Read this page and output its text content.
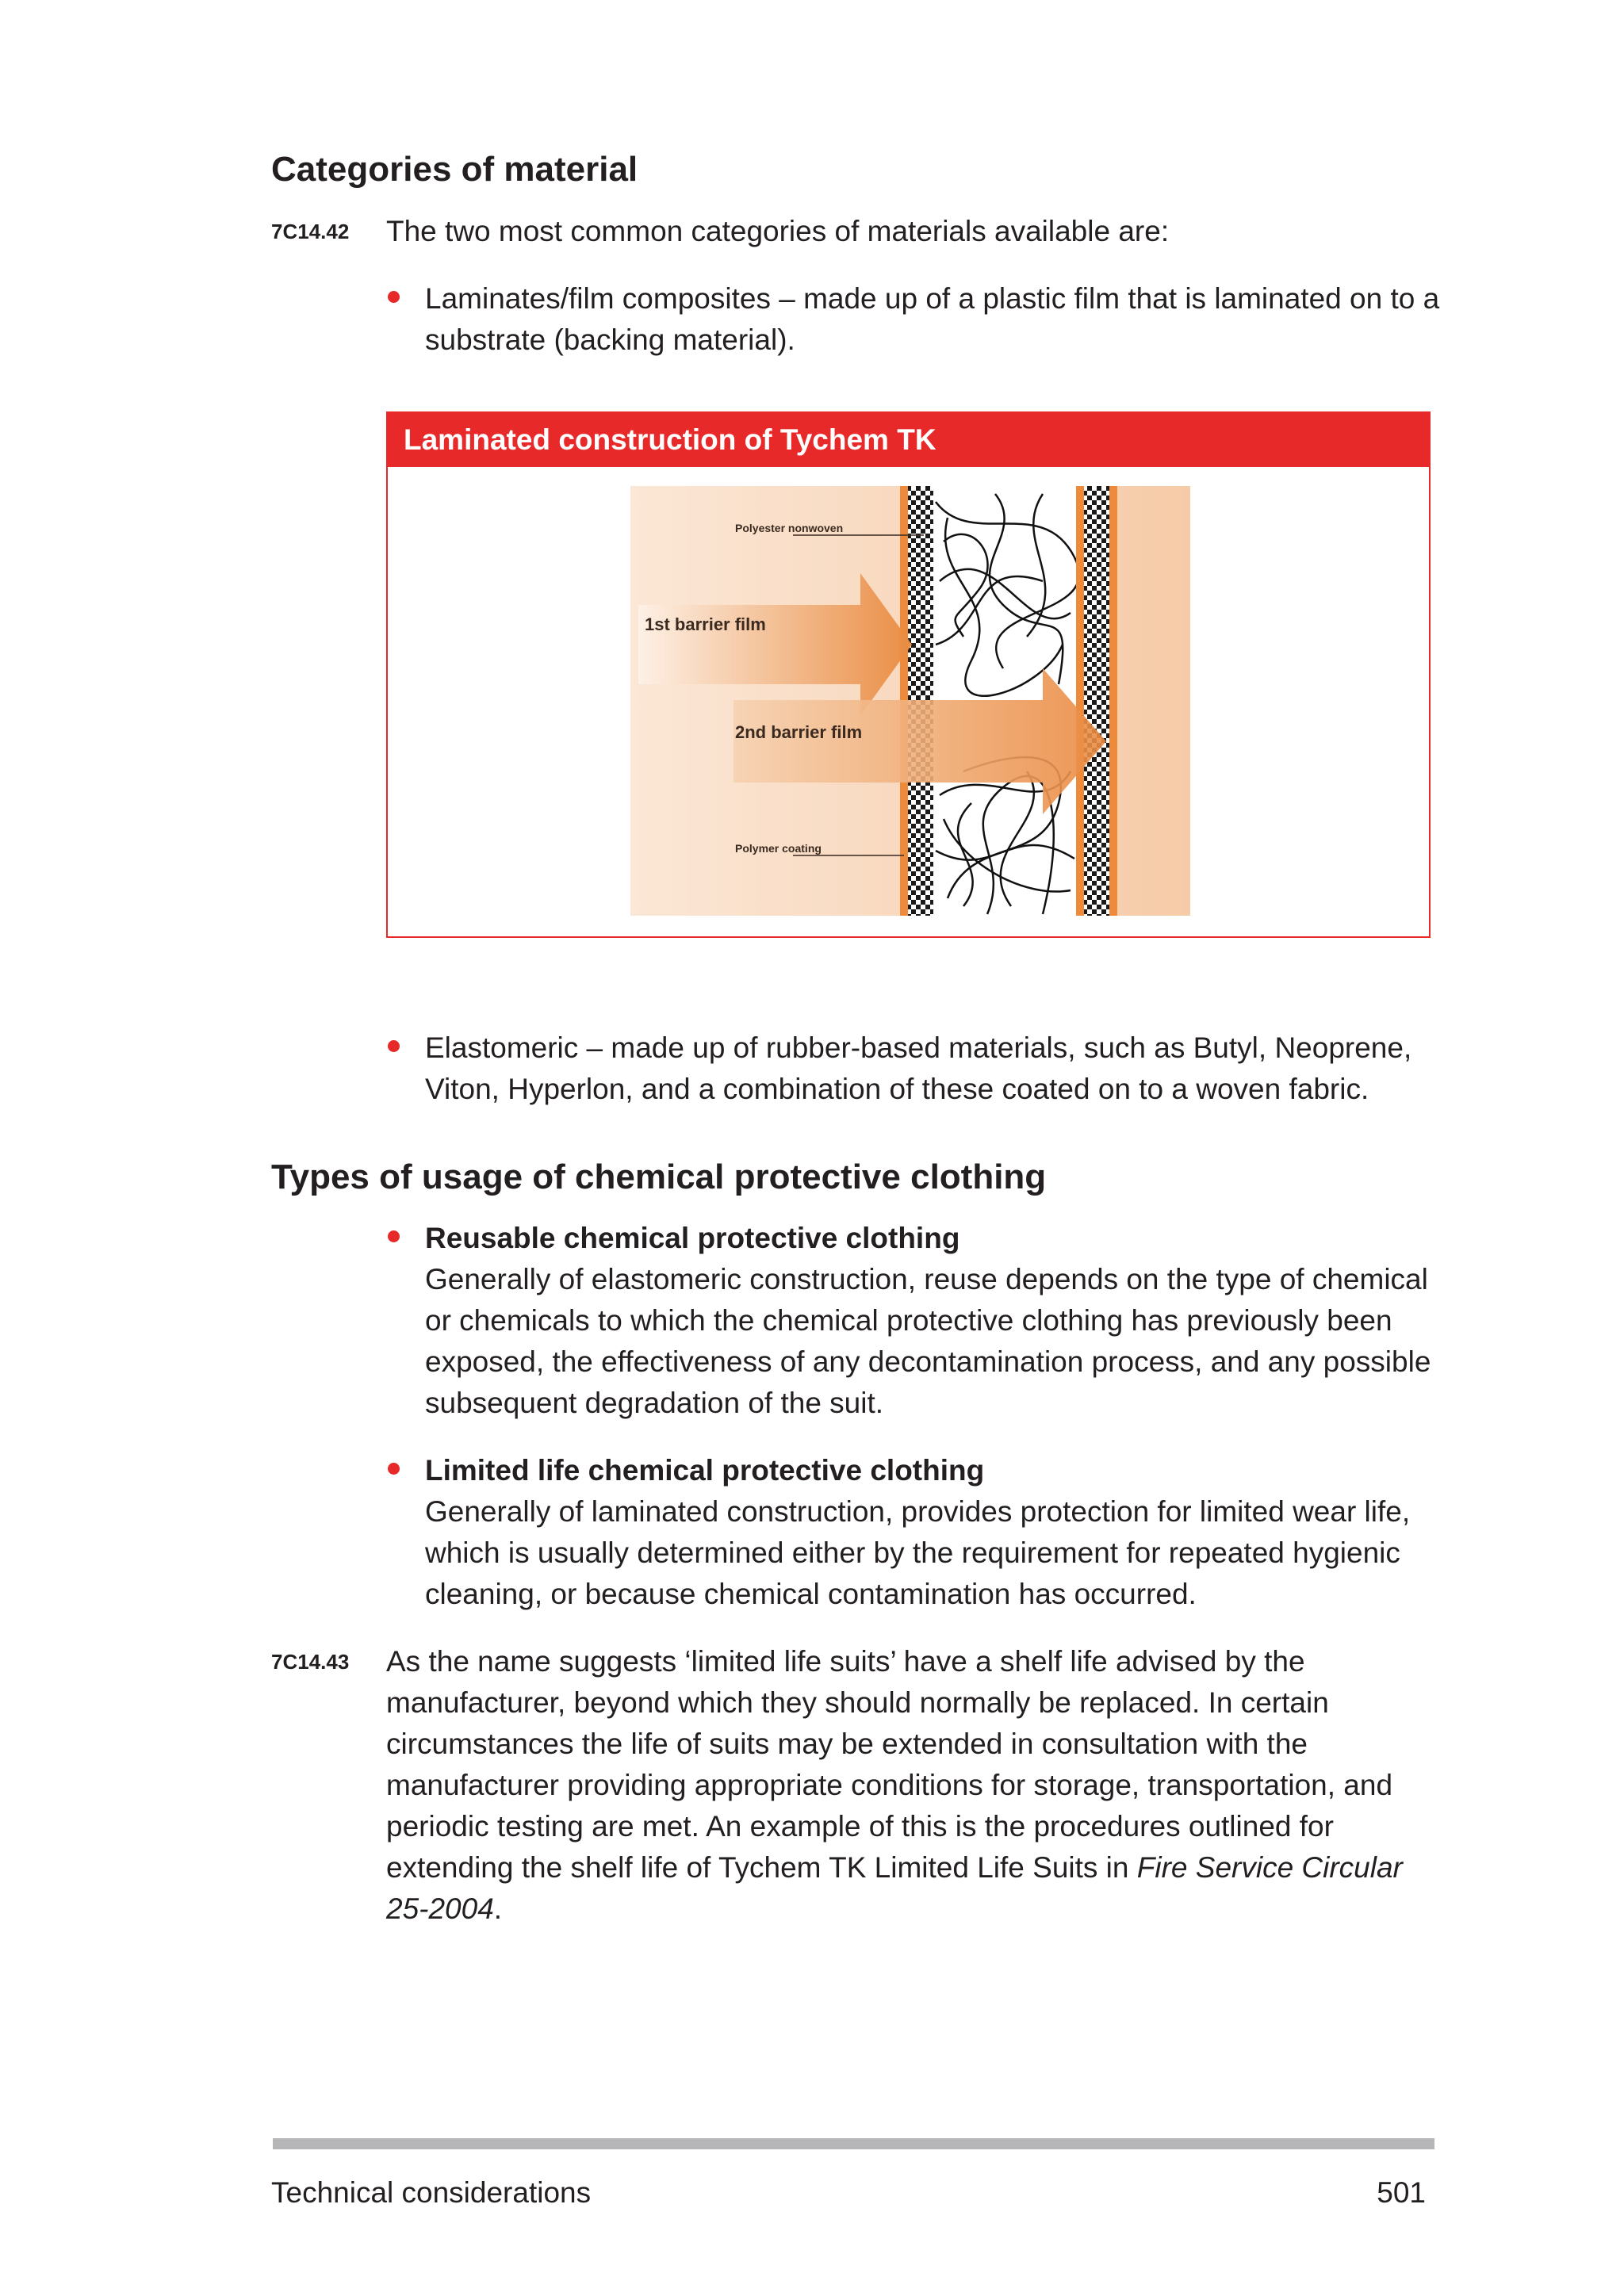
Categories of material
7C14.42 The two most common categories of materials available are:
Laminates/film composites – made up of a plastic film that is laminated on to a substrate (backing material).
Laminated construction of Tychem TK
Polyester nonwoven
1st barrier film
2nd barrier film
Polymer coating
Elastomeric – made up of rubber-based materials, such as Butyl, Neoprene, Viton, Hyperlon, and a combination of these coated on to a woven fabric.
Types of usage of chemical protective clothing
Reusable chemical protective clothing
Generally of elastomeric construction, reuse depends on the type of chemical or chemicals to which the chemical protective clothing has previously been exposed, the effectiveness of any decontamination process, and any possible subsequent degradation of the suit.
Limited life chemical protective clothing
Generally of laminated construction, provides protection for limited wear life, which is usually determined either by the requirement for repeated hygienic cleaning, or because chemical contamination has occurred.
7C14.43 As the name suggests ‘limited life suits’ have a shelf life advised by the manufacturer, beyond which they should normally be replaced. In certain circumstances the life of suits may be extended in consultation with the manufacturer providing appropriate conditions for storage, transportation, and periodic testing are met. An example of this is the procedures outlined for extending the shelf life of Tychem TK Limited Life Suits in Fire Service Circular 25-2004.
Technical considerations	501
